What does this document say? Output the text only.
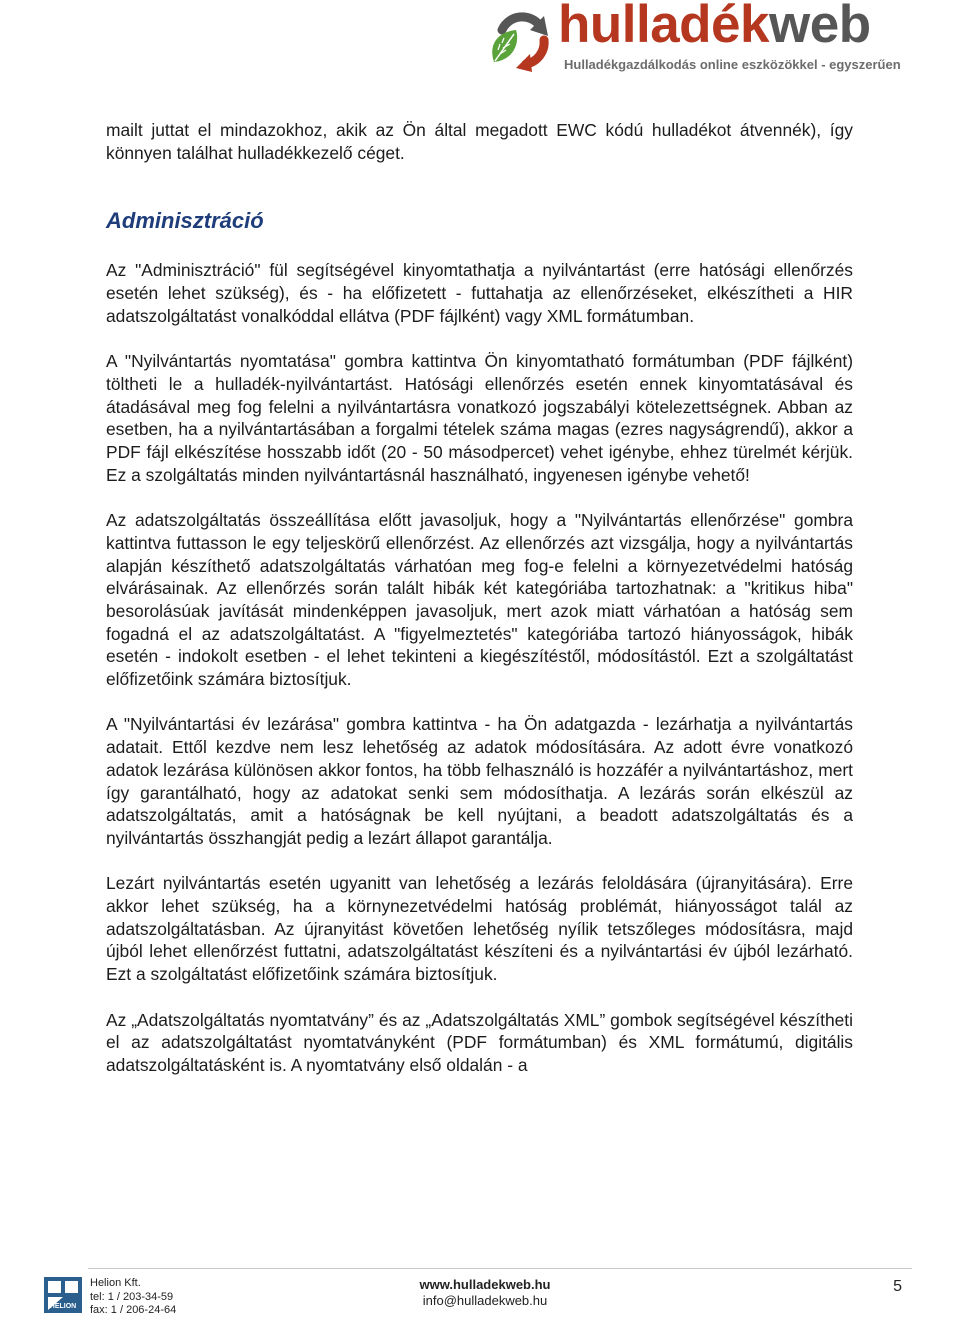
hulladékweb
Hulladékgazdálkodás online eszközökkel - egyszerűen

mailt juttat el mindazokhoz, akik az Ön által megadott EWC kódú hulladékot átvennék), így könnyen találhat hulladékkezelő céget.

Adminisztráció

Az "Adminisztráció" fül segítségével kinyomtathatja a nyilvántartást (erre hatósági ellenőrzés esetén lehet szükség), és - ha előfizetett - futtahatja az ellenőrzéseket, elkészítheti a HIR adatszolgáltatást vonalkóddal ellátva (PDF fájlként) vagy XML formátumban.

A "Nyilvántartás nyomtatása" gombra kattintva Ön kinyomtatható formátumban (PDF fájlként) töltheti le a hulladék-nyilvántartást. Hatósági ellenőrzés esetén ennek kinyomtatásával és átadásával meg fog felelni a nyilvántartásra vonatkozó jogszabályi kötelezettségnek. Abban az esetben, ha a nyilvántartásában a forgalmi tételek száma magas (ezres nagyságrendű), akkor a PDF fájl elkészítése hosszabb időt (20 - 50 másodpercet) vehet igénybe, ehhez türelmét kérjük. Ez a szolgáltatás minden nyilvántartásnál használható, ingyenesen igénybe vehető!

Az adatszolgáltatás összeállítása előtt javasoljuk, hogy a "Nyilvántartás ellenőrzése" gombra kattintva futtasson le egy teljeskörű ellenőrzést. Az ellenőrzés azt vizsgálja, hogy a nyilvántartás alapján készíthető adatszolgáltatás várhatóan meg fog-e felelni a környezetvédelmi hatóság elvárásainak. Az ellenőrzés során talált hibák két kategóriába tartozhatnak: a "kritikus hiba" besorolásúak javítását mindenképpen javasoljuk, mert azok miatt várhatóan a hatóság sem fogadná el az adatszolgáltatást. A "figyelmeztetés" kategóriába tartozó hiányosságok, hibák esetén - indokolt esetben - el lehet tekinteni a kiegészítéstől, módosítástól. Ezt a szolgáltatást előfizetőink számára biztosítjuk.

A "Nyilvántartási év lezárása" gombra kattintva - ha Ön adatgazda - lezárhatja a nyilvántartás adatait. Ettől kezdve nem lesz lehetőség az adatok módosítására. Az adott évre vonatkozó adatok lezárása különösen akkor fontos, ha több felhasználó is hozzáfér a nyilvántartáshoz, mert így garantálható, hogy az adatokat senki sem módosíthatja. A lezárás során elkészül az adatszolgáltatás, amit a hatóságnak be kell nyújtani, a beadott adatszolgáltatás és a nyilvántartás összhangját pedig a lezárt állapot garantálja.

Lezárt nyilvántartás esetén ugyanitt van lehetőség a lezárás feloldására (újranyitására). Erre akkor lehet szükség, ha a környnezetvédelmi hatóság problémát, hiányosságot talál az adatszolgáltatásban. Az újranyitást követően lehetőség nyílik tetszőleges módosításra, majd újból lehet ellenőrzést futtatni, adatszolgáltatást készíteni és a nyilvántartási év újból lezárható. Ezt a szolgáltatást előfizetőink számára biztosítjuk.

Az „Adatszolgáltatás nyomtatvány” és az „Adatszolgáltatás XML” gombok segítségével készítheti el az adatszolgáltatást nyomtatványként (PDF formátumban) és XML formátumú, digitális adatszolgáltatásként is. A nyomtatvány első oldalán - a

HELION
Helion Kft.
tel: 1 / 203-34-59
fax: 1 / 206-24-64
www.hulladekweb.hu
info@hulladekweb.hu
5
